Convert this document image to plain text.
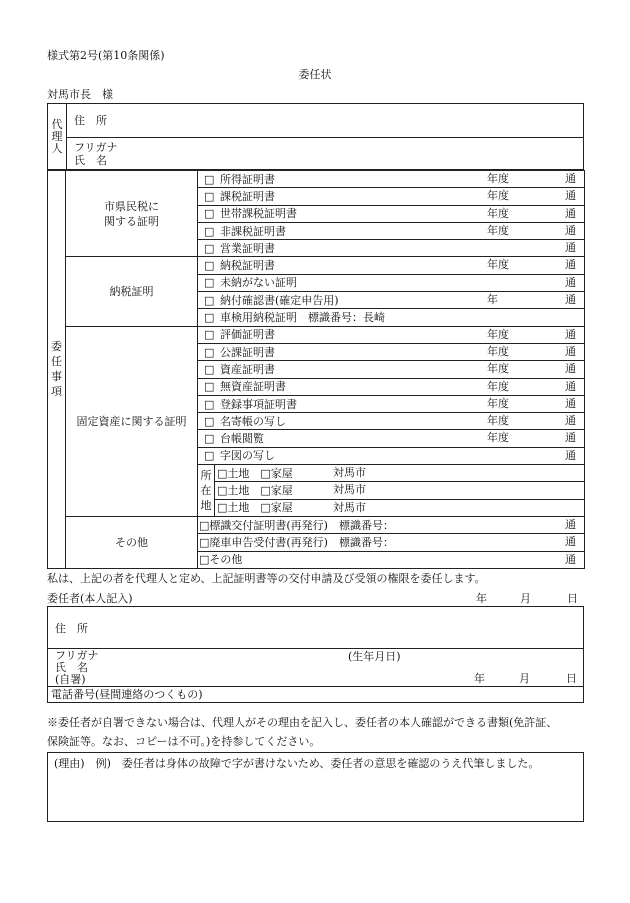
様式第2号(第10条関係)
委任状
対馬市長　様
代
理
人	住　所

フリガナ
氏　名
委
任
事
項	市県民税に
関する証明	□ 所得証明書 年度 通	

		□ 課税証明書 年度 通	

		□ 世帯課税証明書 年度 通	

		□ 非課税証明書 年度 通	

		□ 営業証明書 通	

	納税証明	□ 納税証明書 年度 通	

		□ 未納がない証明 通	

		□ 納付確認書(確定申告用) 年 通	

		□ 車検用納税証明　標識番号：長崎	
	固定資産に関する証明	□ 評価証明書 年度 通	

		□ 公課証明書 年度 通	

		□ 資産証明書 年度 通	

		□ 無資産証明書 年度 通	

		□ 登録事項証明書 年度 通	

		□ 名寄帳の写し 年度 通	

		□ 台帳閲覧 年度 通	

		□ 字図の写し 通	

		所
在
地	□土地　□家屋 対馬市

			□土地　□家屋 対馬市

			□土地　□家屋 対馬市

	その他	□標識交付証明書(再発行)　標識番号： 通	

		□廃車申告受付書(再発行)　標識番号： 通	

		□その他 通	
私は、上記の者を代理人と定め、上記証明書等の交付申請及び受領の権限を委任します。
委任者(本人記入)	年	月	日
住　所

フリガナ
氏　名
(自署)
(生年月日)
年	月	日

電話番号(昼間連絡のつくもの)
※委任者が自署できない場合は、代理人がその理由を記入し、委任者の本人確認ができる書類(免許証、
保険証等。なお、コピーは不可。)を持参してください。
(理由)　例)　委任者は身体の故障で字が書けないため、委任者の意思を確認のうえ代筆しました。
